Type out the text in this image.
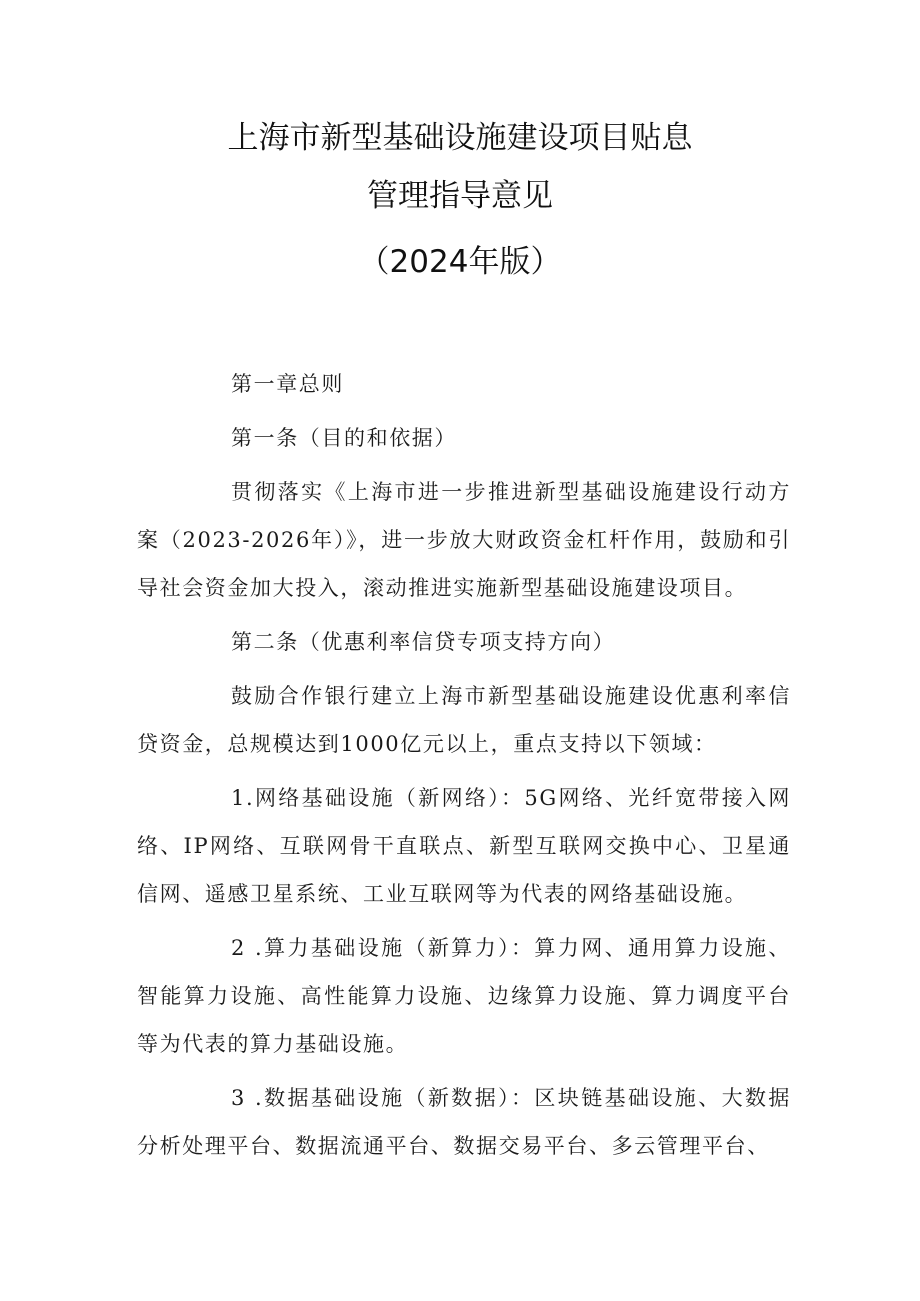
上海市新型基础设施建设项目贴息
管理指导意见
（2024年版）

第一章总则

第一条（目的和依据）

贯彻落实《上海市进一步推进新型基础设施建设行动方案（2023-2026年）》，进一步放大财政资金杠杆作用，鼓励和引导社会资金加大投入，滚动推进实施新型基础设施建设项目。

第二条（优惠利率信贷专项支持方向）

鼓励合作银行建立上海市新型基础设施建设优惠利率信贷资金，总规模达到1000亿元以上，重点支持以下领域：

1.网络基础设施（新网络）：5G网络、光纤宽带接入网络、IP网络、互联网骨干直联点、新型互联网交换中心、卫星通信网、遥感卫星系统、工业互联网等为代表的网络基础设施。

2 .算力基础设施（新算力）：算力网、通用算力设施、智能算力设施、高性能算力设施、边缘算力设施、算力调度平台等为代表的算力基础设施。

3 .数据基础设施（新数据）：区块链基础设施、大数据分析处理平台、数据流通平台、数据交易平台、多云管理平台、
